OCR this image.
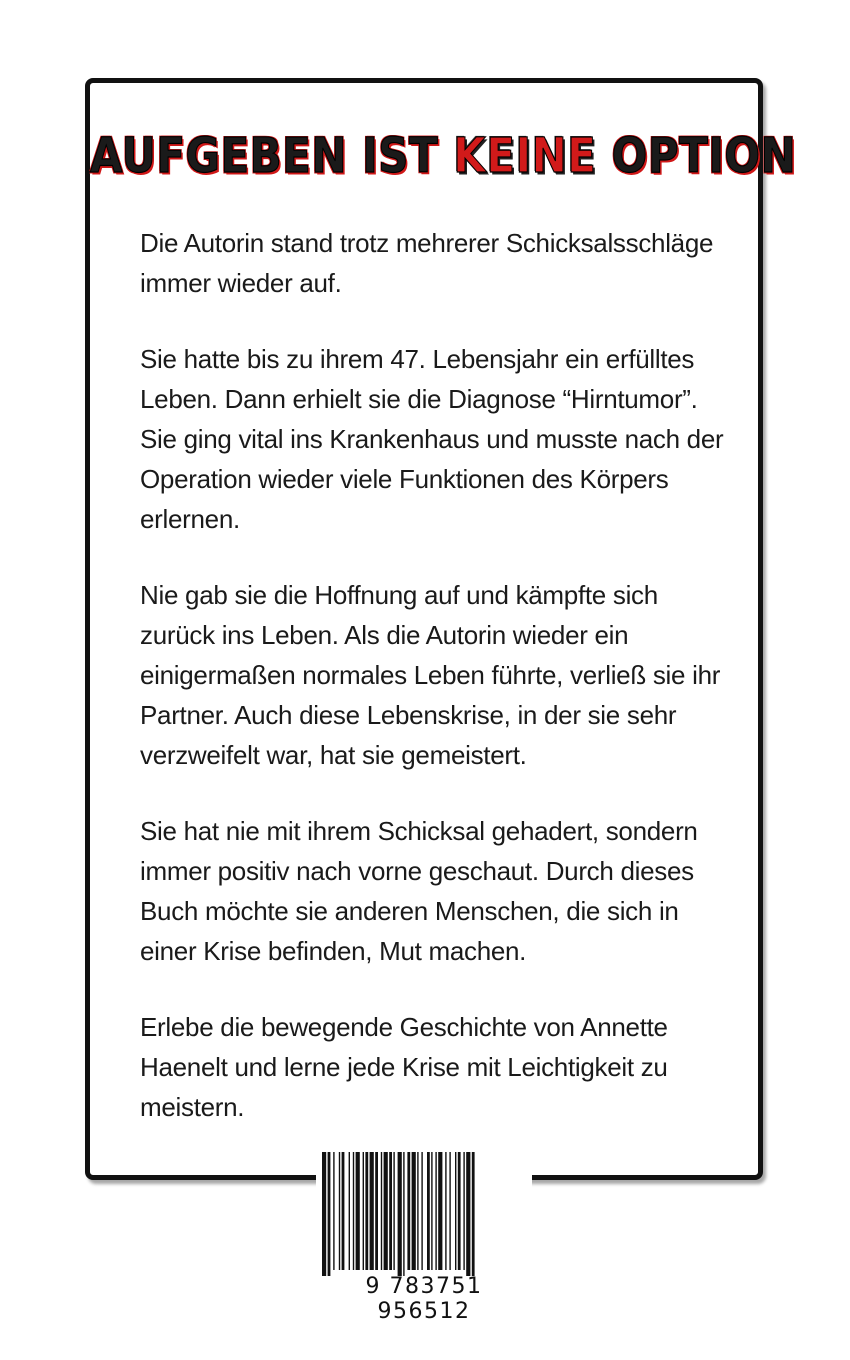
AUFGEBEN IST KEINE OPTION

Die Autorin stand trotz mehrerer Schicksalsschläge immer wieder auf.

Sie hatte bis zu ihrem 47. Lebensjahr ein erfülltes Leben. Dann erhielt sie die Diagnose “Hirntumor”. Sie ging vital ins Krankenhaus und musste nach der Operation wieder viele Funktionen des Körpers erlernen.

Nie gab sie die Hoffnung auf und kämpfte sich zurück ins Leben. Als die Autorin wieder ein einigermaßen normales Leben führte, verließ sie ihr Partner. Auch diese Lebenskrise, in der sie sehr verzweifelt war, hat sie gemeistert.

Sie hat nie mit ihrem Schicksal gehadert, sondern immer positiv nach vorne geschaut. Durch dieses Buch möchte sie anderen Menschen, die sich in einer Krise befinden, Mut machen.

Erlebe die bewegende Geschichte von Annette Haenelt und lerne jede Krise mit Leichtigkeit zu meistern.

9 783751 956512
